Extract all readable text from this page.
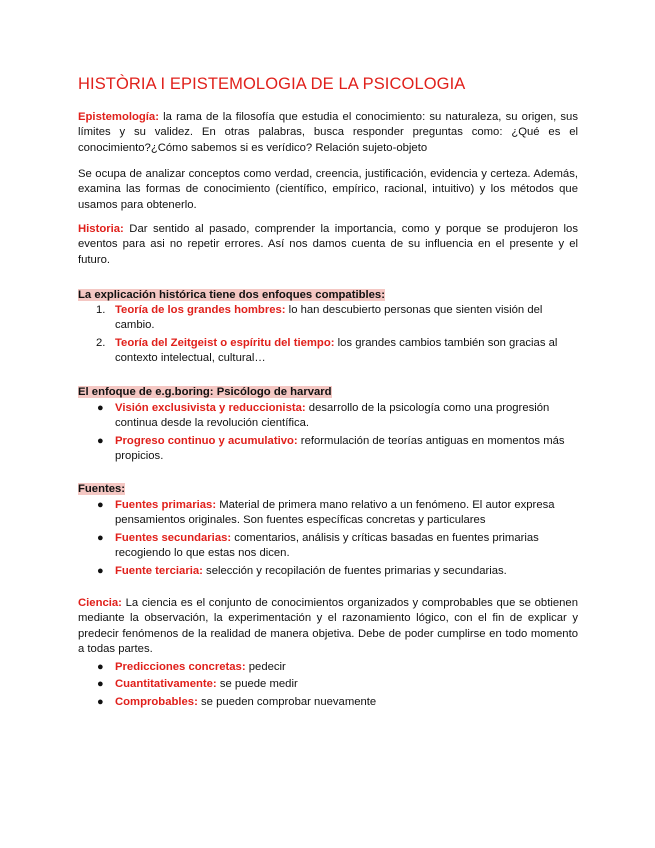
HISTÒRIA I EPISTEMOLOGIA DE LA PSICOLOGIA

Epistemología: la rama de la filosofía que estudia el conocimiento: su naturaleza, su origen, sus límites y su validez. En otras palabras, busca responder preguntas como: ¿Qué es el conocimiento?¿Cómo sabemos si es verídico? Relación sujeto-objeto

Se ocupa de analizar conceptos como verdad, creencia, justificación, evidencia y certeza. Además, examina las formas de conocimiento (científico, empírico, racional, intuitivo) y los métodos que usamos para obtenerlo.

Historia: Dar sentido al pasado, comprender la importancia, como y porque se produjeron los eventos para asi no repetir errores. Así nos damos cuenta de su influencia en el presente y el futuro.

La explicación histórica tiene dos enfoques compatibles:

1. Teoría de los grandes hombres: lo han descubierto personas que sienten visión del cambio.
2. Teoría del Zeitgeist o espíritu del tiempo: los grandes cambios también son gracias al contexto intelectual, cultural…

El enfoque de e.g.boring: Psicólogo de harvard

● Visión exclusivista y reduccionista: desarrollo de la psicología como una progresión continua desde la revolución científica.
● Progreso continuo y acumulativo: reformulación de teorías antiguas en momentos más propicios.

Fuentes:

● Fuentes primarias: Material de primera mano relativo a un fenómeno. El autor expresa pensamientos originales. Son fuentes específicas concretas y particulares
● Fuentes secundarias: comentarios, análisis y críticas basadas en fuentes primarias recogiendo lo que estas nos dicen.
● Fuente terciaria: selección y recopilación de fuentes primarias y secundarias.

Ciencia: La ciencia es el conjunto de conocimientos organizados y comprobables que se obtienen mediante la observación, la experimentación y el razonamiento lógico, con el fin de explicar y predecir fenómenos de la realidad de manera objetiva. Debe de poder cumplirse en todo momento a todas partes.

● Predicciones concretas: pedecir
● Cuantitativamente: se puede medir
● Comprobables: se pueden comprobar nuevamente
